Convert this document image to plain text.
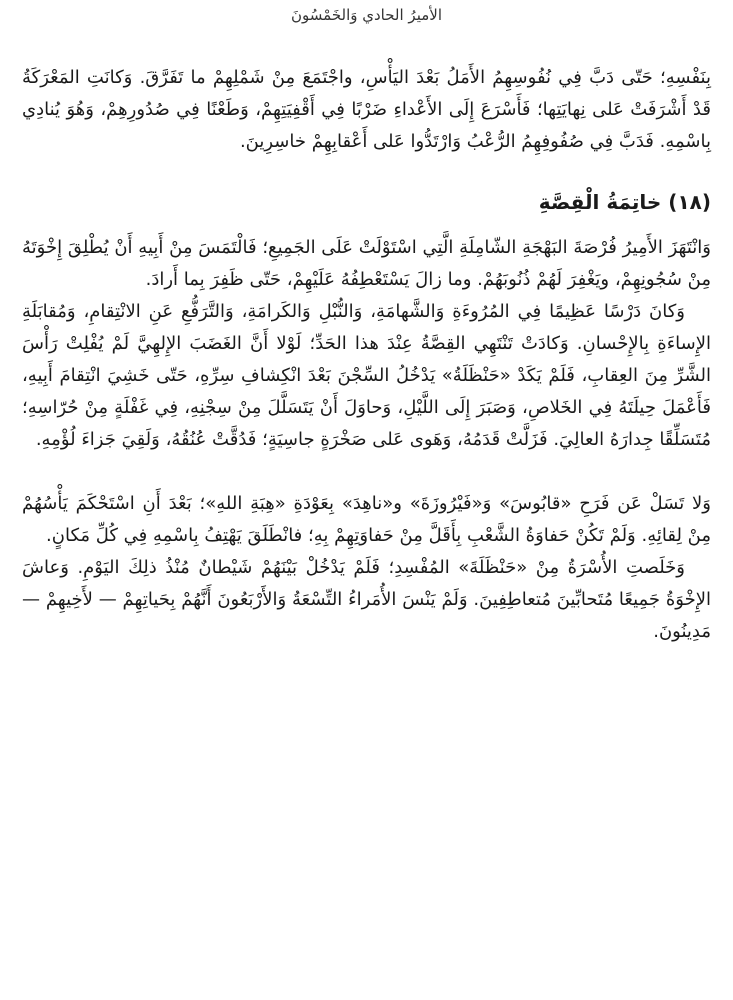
الأميرُ الحادي وَالخَمْسُونَ

بِنَفْسِهِ؛ حَتّى دَبَّ فِي نُفُوسِهِمُ الأَمَلُ بَعْدَ اليَأْسِ، واجْتَمَعَ مِنْ شَمْلِهِمْ ما تَفَرَّقَ. وَكانَتِ المَعْرَكَةُ قَدْ أَشْرَفَتْ عَلى نِهايَتِها؛ فَأَسْرَعَ إِلَى الأَعْداءِ ضَرْبًا فِي أَقْفِيَتِهِمْ، وَطَعْنًا فِي صُدُورِهِمْ، وَهُوَ يُنادِي بِاسْمِهِ. فَدَبَّ فِي صُفُوفِهِمُ الرُّعْبُ وَارْتَدُّوا عَلى أَعْقابِهِمْ خاسِرِينَ.

(١٨) خاتِمَةُ الْقِصَّةِ

وَانْتَهَزَ الأَمِيرُ فُرْصَةَ البَهْجَةِ الشّامِلَةِ الَّتِي اسْتَوْلَتْ عَلَى الجَمِيعِ؛ فَالْتَمَسَ مِنْ أَبِيهِ أَنْ يُطْلِقَ إِخْوَتَهُ مِنْ سُجُونِهِمْ، ويَغْفِرَ لَهُمْ ذُنُوبَهُمْ. وما زالَ يَسْتَعْطِفُهُ عَلَيْهِمْ، حَتّى ظَفِرَ بِما أَرادَ.

وَكانَ دَرْسًا عَظِيمًا فِي المُرُوءَةِ وَالشَّهامَةِ، وَالنُّبْلِ وَالكَرامَةِ، وَالتَّرَفُّعِ عَنِ الانْتِقامِ، وَمُقابَلَةِ الإِساءَةِ بِالإِحْسانِ. وَكادَتْ تَنْتَهِي القِصَّةُ عِنْدَ هذا الحَدِّ؛ لَوْلا أَنَّ الغَضَبَ الإِلهِيَّ لَمْ يُفْلِتْ رَأْسَ الشَّرِّ مِنَ العِقابِ، فَلَمْ يَكَدْ «حَنْظَلَةُ» يَدْخُلُ السِّجْنَ بَعْدَ انْكِشافِ سِرِّهِ، حَتّى خَشِيَ انْتِقامَ أَبِيهِ، فَأَعْمَلَ حِيلَتَهُ فِي الخَلاصِ، وَصَبَرَ إِلَى اللَّيْلِ، وَحاوَلَ أَنْ يَتَسَلَّلَ مِنْ سِجْنِهِ، فِي غَفْلَةٍ مِنْ حُرّاسِهِ؛ مُتَسَلِّقًا جِدارَهُ العالِيَ. فَزَلَّتْ قَدَمُهُ، وَهَوى عَلى صَخْرَةٍ جاسِيَةٍ؛ فَدُقَّتْ عُنُقُهُ، وَلَقِيَ جَزاءَ لُؤْمِهِ.

وَلا تَسَلْ عَن فَرَحِ «قابُوسَ» وَ«فَيْرُوزَةَ» و«ناهِدَ» بِعَوْدَةِ «هِبَةِ اللهِ»؛ بَعْدَ أَنِ اسْتَحْكَمَ يَأْسُهُمْ مِنْ لِقائِهِ. وَلَمْ تَكُنْ حَفاوَةُ الشَّعْبِ بِأَقَلَّ مِنْ حَفاوَتِهِمْ بِهِ؛ فانْطَلَقَ يَهْتِفُ بِاسْمِهِ فِي كُلِّ مَكانٍ.

وَخَلَصتِ الأُسْرَةُ مِنْ «حَنْظَلَةَ» المُفْسِدِ؛ فَلَمْ يَدْخُلْ بَيْنَهُمْ شَيْطانٌ مُنْذُ ذلِكَ اليَوْمِ. وَعاشَ الإِخْوَةُ جَمِيعًا مُتَحابِّينَ مُتعاطِفِينَ. وَلَمْ يَنْسَ الأُمَراءُ التِّسْعَةُ وَالأَرْبَعُونَ أَنَّهُمْ بِحَياتِهِمْ — لأَخِيهِمْ — مَدِينُونَ.
